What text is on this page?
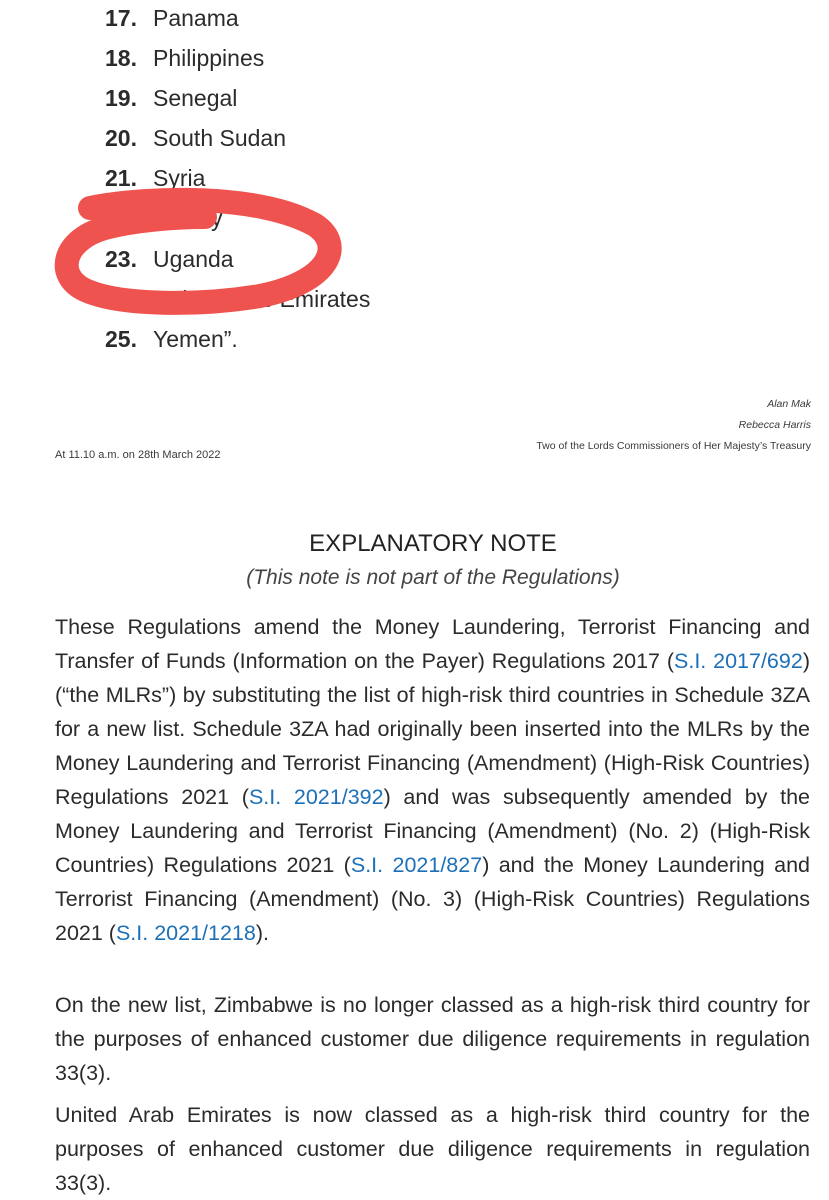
17. Panama
18. Philippines
19. Senegal
20. South Sudan
21. Syria
22. Turkey
23. Uganda
24. United Arab Emirates
25. Yemen”.
Alan Mak
Rebecca Harris
Two of the Lords Commissioners of Her Majesty’s Treasury
At 11.10 a.m. on 28th March 2022
EXPLANATORY NOTE
(This note is not part of the Regulations)
These Regulations amend the Money Laundering, Terrorist Financing and Transfer of Funds (Information on the Payer) Regulations 2017 (S.I. 2017/692) (“the MLRs”) by substituting the list of high-risk third countries in Schedule 3ZA for a new list. Schedule 3ZA had originally been inserted into the MLRs by the Money Laundering and Terrorist Financing (Amendment) (High-Risk Countries) Regulations 2021 (S.I. 2021/392) and was subsequently amended by the Money Laundering and Terrorist Financing (Amendment) (No. 2) (High-Risk Countries) Regulations 2021 (S.I. 2021/827) and the Money Laundering and Terrorist Financing (Amendment) (No. 3) (High-Risk Countries) Regulations 2021 (S.I. 2021/1218).
On the new list, Zimbabwe is no longer classed as a high-risk third country for the purposes of enhanced customer due diligence requirements in regulation 33(3).
United Arab Emirates is now classed as a high-risk third country for the purposes of enhanced customer due diligence requirements in regulation 33(3).
